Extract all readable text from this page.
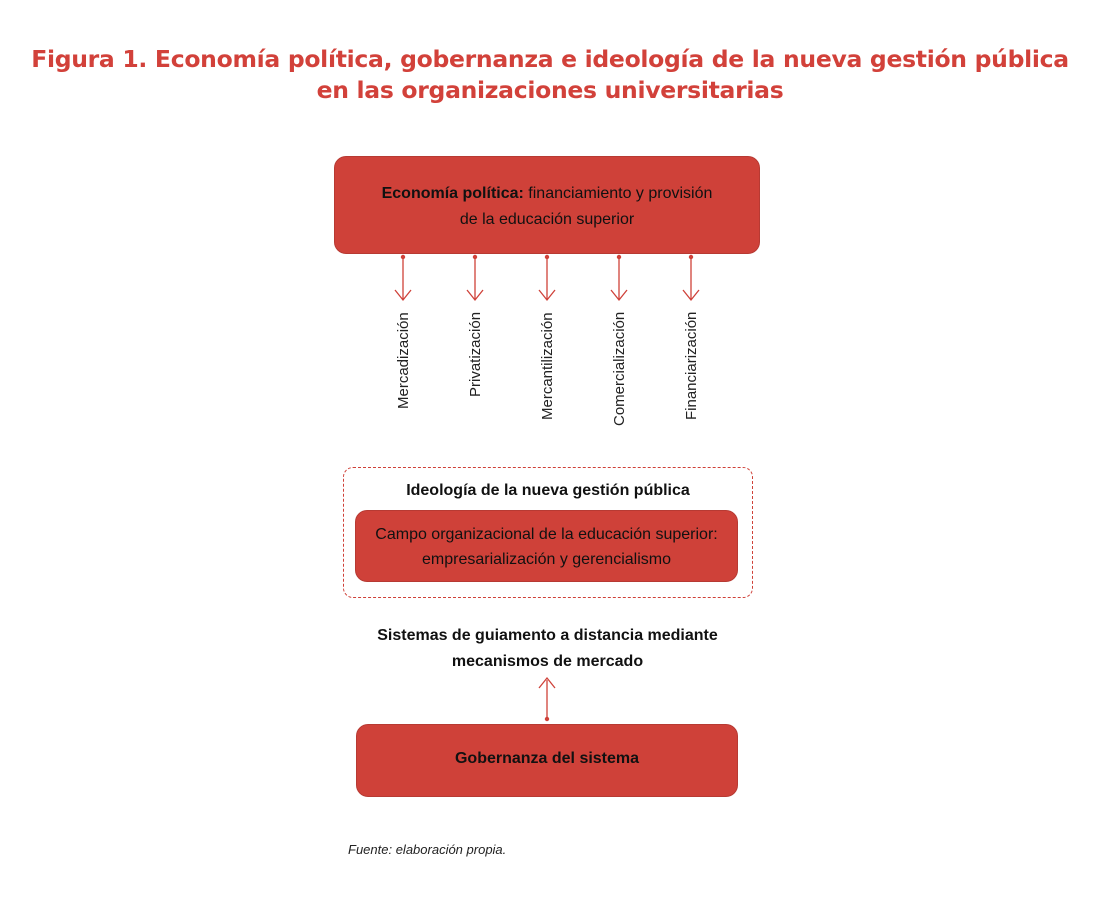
Figura 1. Economía política, gobernanza e ideología de la nueva gestión pública
en las organizaciones universitarias
Economía política: financiamiento y provisión
de la educación superior
Mercadización	Privatización	Mercantilización	Comercialización	Financiarización
Ideología de la nueva gestión pública
Campo organizacional de la educación superior:
empresarialización y gerencialismo
Sistemas de guiamento a distancia mediante
mecanismos de mercado
Gobernanza del sistema
Fuente: elaboración propia.
